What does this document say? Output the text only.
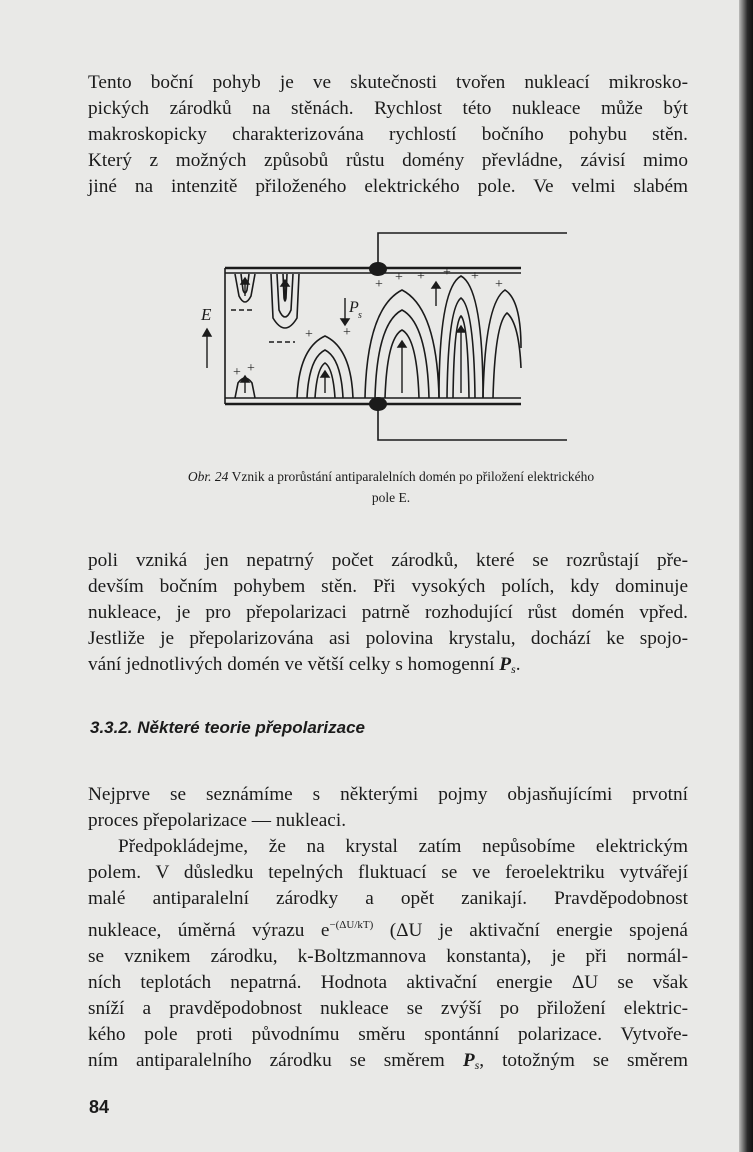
Tento boční pohyb je ve skutečnosti tvořen nukleací mikrosko-
pických zárodků na stěnách. Rychlost této nukleace může být
makroskopicky charakterizována rychlostí bočního pohybu stěn.
Který z možných způsobů růstu domény převládne, závisí mimo
jiné na intenzitě přiloženého elektrického pole. Ve velmi slabém
+ +
+ +
+ + + + +
+
E	P s
Obr. 24 Vznik a prorůstání antiparalelních domén po přiložení elektrického
pole E.
poli vzniká jen nepatrný počet zárodků, které se rozrůstají pře-
devším bočním pohybem stěn. Při vysokých polích, kdy dominuje
nukleace, je pro přepolarizaci patrně rozhodující růst domén vpřed.
Jestliže je přepolarizována asi polovina krystalu, dochází ke spojo-
vání jednotlivých domén ve větší celky s homogenní $P_s$.
3.3.2. Některé teorie přepolarizace
Nejprve se seznámíme s některými pojmy objasňujícími prvotní
proces přepolarizace — nukleaci.
Předpokládejme, že na krystal zatím nepůsobíme elektrickým
polem. V důsledku tepelných fluktuací se ve feroelektriku vytvářejí
malé antiparalelní zárodky a opět zanikají. Pravděpodobnost
nukleace, úměrná výrazu $e^{-(\Delta U/kT)}$ (ΔU je aktivační energie spojená
se vznikem zárodku, k-Boltzmannova konstanta), je při normál-
ních teplotách nepatrná. Hodnota aktivační energie ΔU se však
sníží a pravděpodobnost nukleace se zvýší po přiložení elektric-
kého pole proti původnímu směru spontánní polarizace. Vytvoře-
ním antiparalelního zárodku se směrem $P_s$, totožným se směrem
84
